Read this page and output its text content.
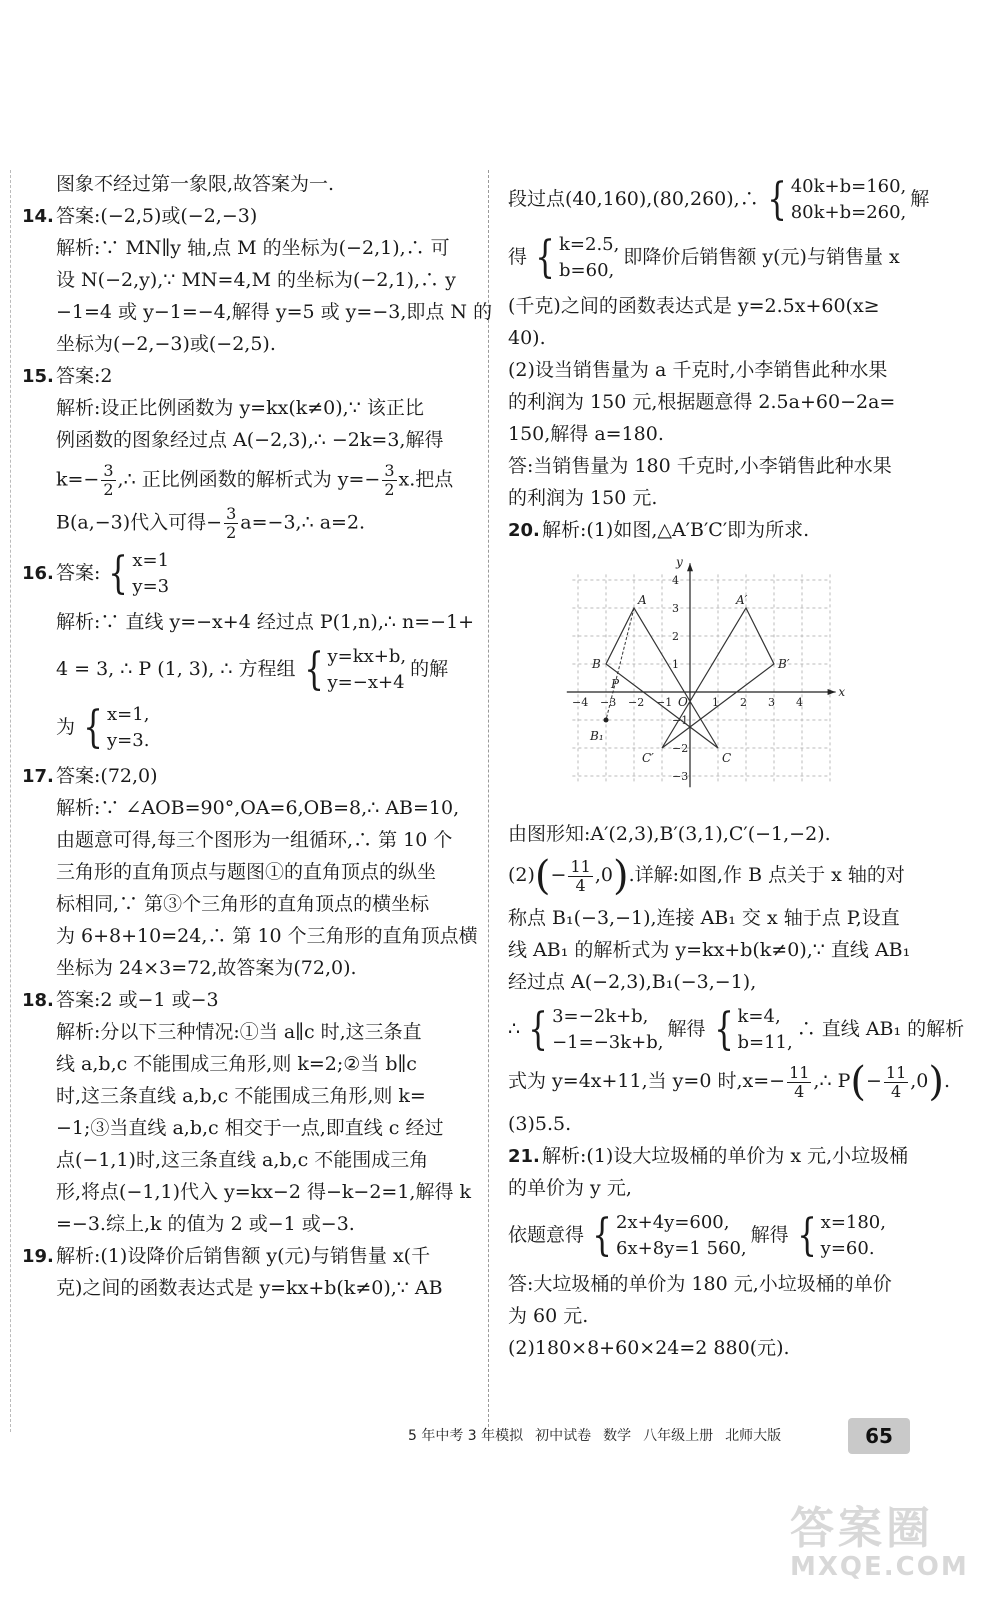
图象不经过第一象限,故答案为一.
14. 答案:(−2,5)或(−2,−3)
解析:∵ MN∥y 轴,点 M 的坐标为(−2,1),∴ 可
设 N(−2,y),∵ MN=4,M 的坐标为(−2,1),∴ y
−1=4 或 y−1=−4,解得 y=5 或 y=−3,即点 N 的
坐标为(−2,−3)或(−2,5).
15. 答案:2
解析:设正比例函数为 y=kx(k≠0),∵ 该正比
例函数的图象经过点 A(−2,3),∴ −2k=3,解得
$k=- \frac{3}{2}$ ,∴ 正比例函数的解析式为 $y=- \frac{3}{2} x$.把点
B(a,−3)代入可得− $\frac{3}{2}$ a=−3,∴ a=2.
16. 答案: { x=1
y=3
解析:∵ 直线 y=−x+4 经过点 P(1,n),∴ n=−1+
4 = 3, ∴ P (1, 3), ∴ 方程组 { y=kx+b,
y=−x+4
的解
为 { x=1,
y=3.
17. 答案:(72,0)
解析:∵ ∠AOB=90°,OA=6,OB=8,∴ AB=10,
由题意可得,每三个图形为一组循环,∴ 第 10 个
三角形的直角顶点与题图①的直角顶点的纵坐
标相同,∵ 第③个三角形的直角顶点的横坐标
为 6+8+10=24,∴ 第 10 个三角形的直角顶点横
坐标为 24×3=72,故答案为(72,0).
18. 答案:2 或−1 或−3
解析:分以下三种情况:①当 a∥c 时,这三条直
线 a,b,c 不能围成三角形,则 k=2;②当 b∥c
时,这三条直线 a,b,c 不能围成三角形,则 k=
−1;③当直线 a,b,c 相交于一点,即直线 c 经过
点(−1,1)时,这三条直线 a,b,c 不能围成三角
形,将点(−1,1)代入 y=kx−2 得−k−2=1,解得 k
=−3.综上,k 的值为 2 或−1 或−3.
19. 解析:(1)设降价后销售额 y(元)与销售量 x(千
克)之间的函数表达式是 y=kx+b(k≠0),∵ AB
段过点(40,160),(80,260),∴ { 40k+b=160,
80k+b=260,
解
得 { k=2.5,
b=60,
即降价后销售额 y(元)与销售量 x
(千克)之间的函数表达式是 y=2.5x+60(x≥
40).
(2)设当销售量为 a 千克时,小李销售此种水果
的利润为 150 元,根据题意得 2.5a+60−2a=
150,解得 a=180.
答:当销售量为 180 千克时,小李销售此种水果
的利润为 150 元.
20. 解析:(1)如图,△A′B′C′即为所求.
x
y
O
−4 −3 −2 −1	1 2 3 4
4
3
2
1
−1
−2
−3
A
B
C
A′
B′
C′
B₁
P
由图形知:A′(2,3),B′(3,1),C′(−1,−2).
$(2)(- \frac{11}{4} ,0)$.详解:如图,作 B 点关于 x 轴的对
称点 B₁(−3,−1),连接 AB₁ 交 x 轴于点 P,设直
线 AB₁ 的解析式为 y=kx+b(k≠0),∵ 直线 AB₁
经过点 A(−2,3),B₁(−3,−1),
∴ { 3=−2k+b,
−1=−3k+b,
解得 { k=4,
b=11,
∴ 直线 AB₁ 的解析
式为 y=4x+11,当 y=0 时$,x=- \frac{11}{4}$ ,∴ $P(- \frac{11}{4} ,0)$.
(3)5.5.
21. 解析:(1)设大垃圾桶的单价为 x 元,小垃圾桶
的单价为 y 元,
依题意得 { 2x+4y=600,
6x+8y=1 560,
解得 { x=180,
y=60.
答:大垃圾桶的单价为 180 元,小垃圾桶的单价
为 60 元.
(2)180×8+60×24=2 880(元).
5 年中考 3 年模拟 初中试卷 数学 八年级上册 北师大版	65
答案圈
MXQE.COM
